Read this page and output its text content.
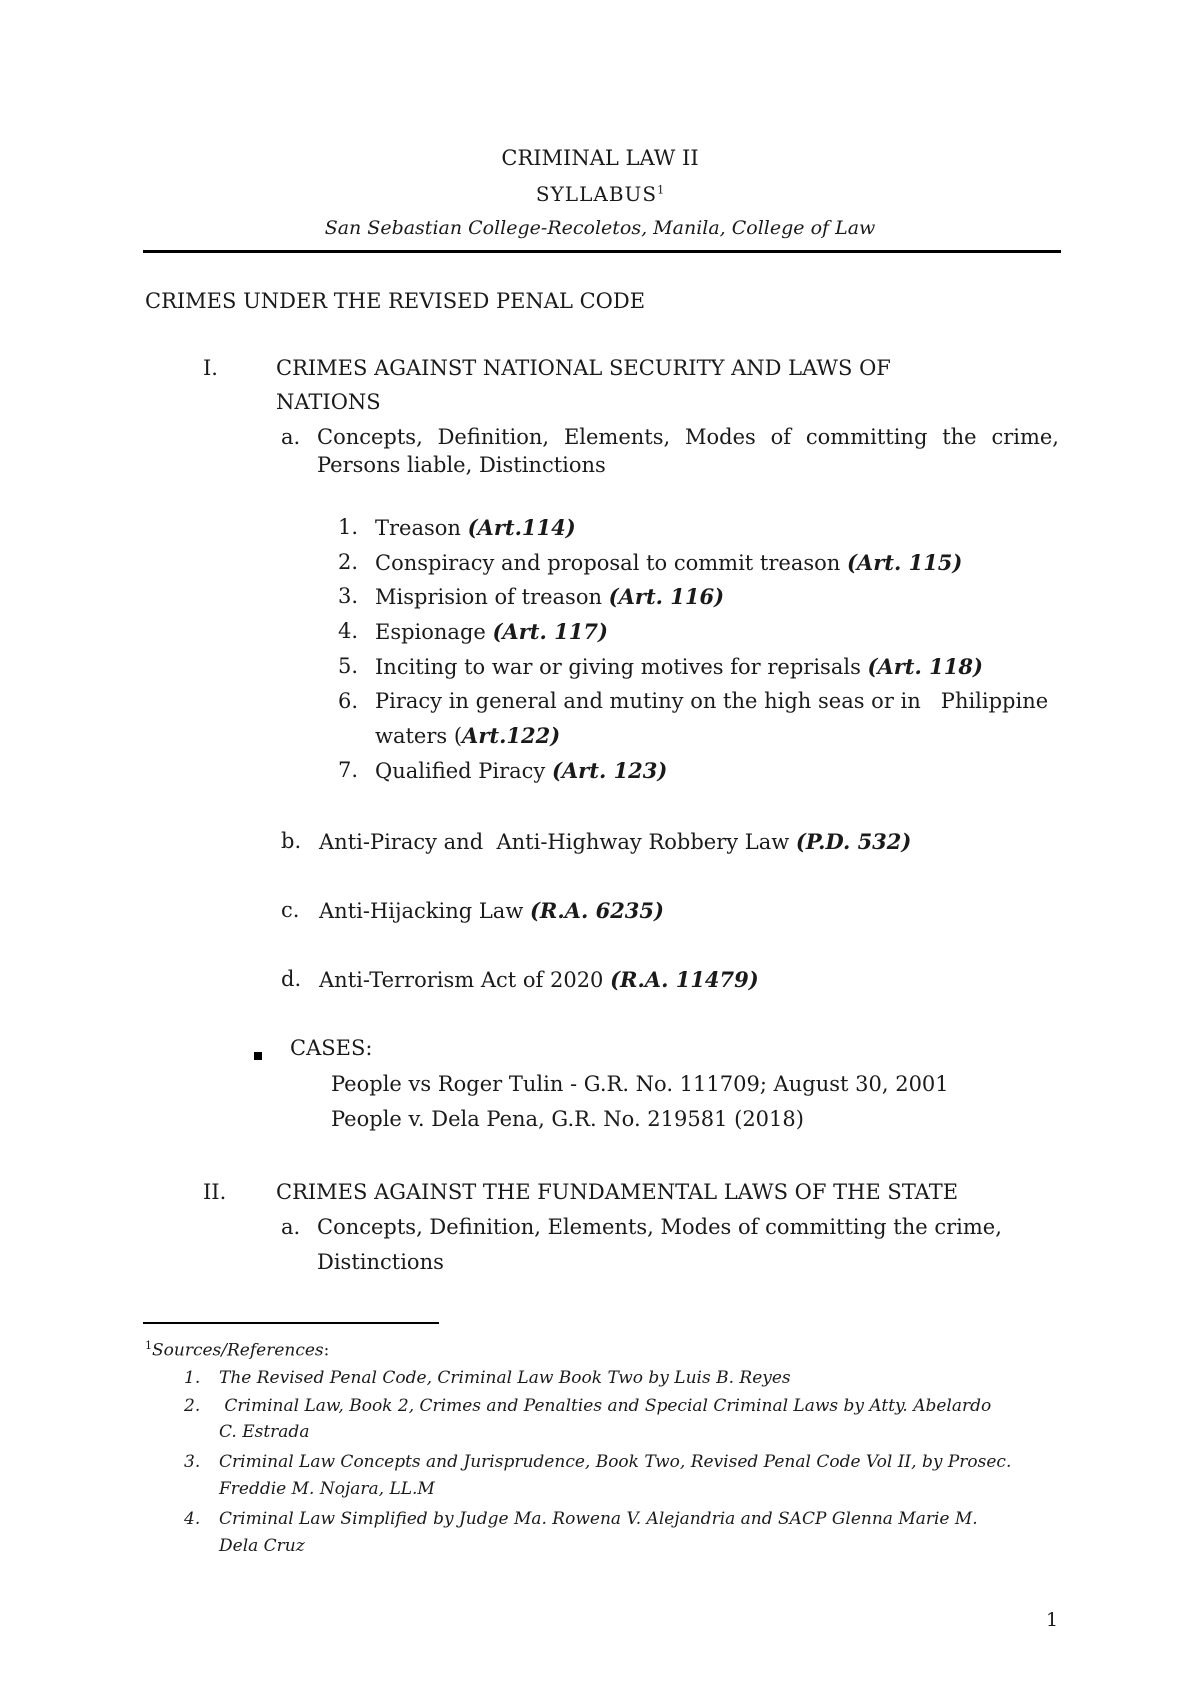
CRIMINAL LAW II
SYLLABUS$^1$
San Sebastian College-Recoletos, Manila, College of Law
CRIMES UNDER THE REVISED PENAL CODE
I.	CRIMES AGAINST NATIONAL SECURITY AND LAWS OF
NATIONS
a. Concepts, Definition, Elements, Modes of committing the crime,
Persons liable, Distinctions
1. Treason (Art.114)
2. Conspiracy and proposal to commit treason (Art. 115)
3. Misprision of treason (Art. 116)
4. Espionage (Art. 117)
5. Inciting to war or giving motives for reprisals (Art. 118)
6. Piracy in general and mutiny on the high seas or in   Philippine
waters (Art.122)
7. Qualified Piracy (Art. 123)
b. Anti-Piracy and  Anti-Highway Robbery Law (P.D. 532)
c. Anti-Hijacking Law (R.A. 6235)
d. Anti-Terrorism Act of 2020 (R.A. 11479)
CASES:
People vs Roger Tulin - G.R. No. 111709; August 30, 2001
People v. Dela Pena, G.R. No. 219581 (2018)
II. CRIMES AGAINST THE FUNDAMENTAL LAWS OF THE STATE
a. Concepts, Definition, Elements, Modes of committing the crime,
Distinctions
$^1$Sources/References:
1. The Revised Penal Code, Criminal Law Book Two by Luis B. Reyes
2. Criminal Law, Book 2, Crimes and Penalties and Special Criminal Laws by Atty. Abelardo
C. Estrada
3. Criminal Law Concepts and Jurisprudence, Book Two, Revised Penal Code Vol II, by Prosec.
Freddie M. Nojara, LL.M
4. Criminal Law Simplified by Judge Ma. Rowena V. Alejandria and SACP Glenna Marie M.
Dela Cruz
1
